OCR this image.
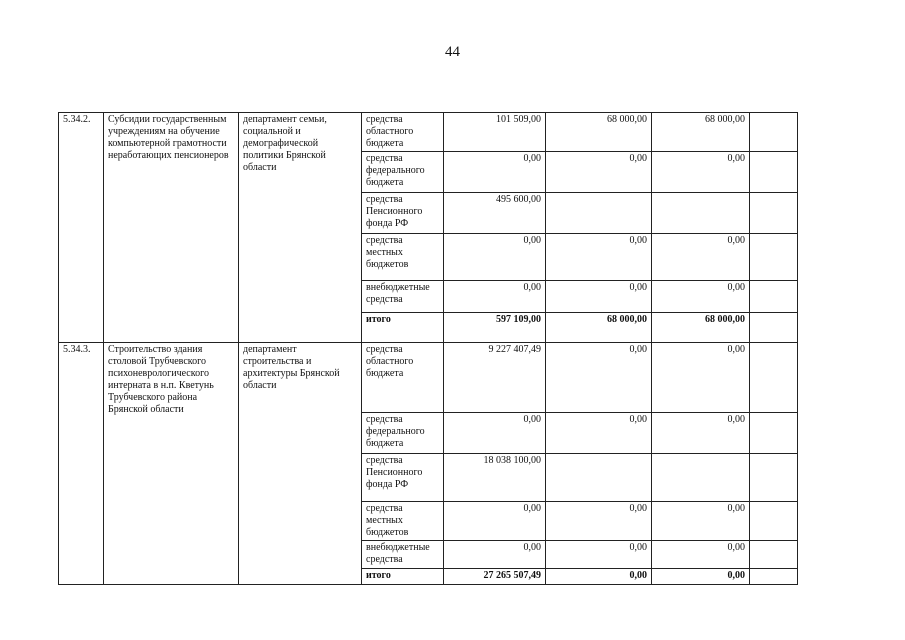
44
5.34.2.	Субсидии государственным учреждениям на обучение компьютерной грамотности неработающих пенсионеров	департамент семьи, социальной и демографической политики Брянской области	средства областного бюджета	101 509,00	68 000,00	68 000,00	
			средства федерального бюджета	0,00	0,00	0,00	
			средства Пенсионного фонда РФ	495 600,00			
			средства местных бюджетов	0,00	0,00	0,00	
			внебюджетные средства	0,00	0,00	0,00	
			итого	597 109,00	68 000,00	68 000,00	
5.34.3.	Строительство здания столовой Трубчевского психоневрологического интерната в н.п. Кветунь Трубчевского района Брянской области	департамент строительства и архитектуры Брянской области	средства областного бюджета	9 227 407,49	0,00	0,00	
			средства федерального бюджета	0,00	0,00	0,00	
			средства Пенсионного фонда РФ	18 038 100,00			
			средства местных бюджетов	0,00	0,00	0,00	
			внебюджетные средства	0,00	0,00	0,00	
			итого	27 265 507,49	0,00	0,00	
